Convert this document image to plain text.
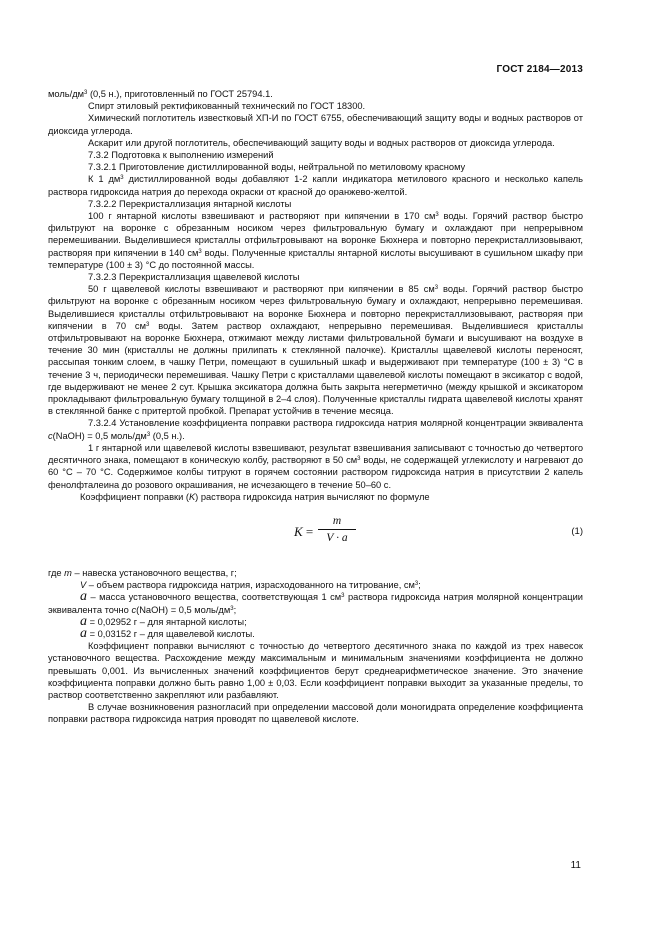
ГОСТ 2184—2013

моль/$дм^3$ (0,5 н.), приготовленный по ГОСТ 25794.1.

Спирт этиловый ректификованный технический по ГОСТ 18300.

Химический поглотитель известковый ХП-И по ГОСТ 6755, обеспечивающий защиту воды и водных растворов от диоксида углерода.

Аскарит или другой поглотитель, обеспечивающий защиту воды и водных растворов от диоксида углерода.

7.3.2 Подготовка к выполнению измерений

7.3.2.1 Приготовление дистиллированной воды, нейтральной по метиловому красному

К 1 $дм^3$ дистиллированной воды добавляют 1-2 капли индикатора метилового красного и несколько капель раствора гидроксида натрия до перехода окраски от красной до оранжево-желтой.

7.3.2.2 Перекристаллизация янтарной кислоты

100 г янтарной кислоты взвешивают и растворяют при кипячении в 170 $см^3$ воды. Горячий раствор быстро фильтруют на воронке с обрезанным носиком через фильтровальную бумагу и охлаждают при непрерывном перемешивании. Выделившиеся кристаллы отфильтровывают на воронке Бюхнера и повторно перекристаллизовывают, растворяя при кипячении в 140 $см^3$ воды. Полученные кристаллы янтарной кислоты высушивают в сушильном шкафу при температуре (100 ± 3) °С до постоянной массы.

7.3.2.3 Перекристаллизация щавелевой кислоты

50 г щавелевой кислоты взвешивают и растворяют при кипячении в 85 $см^3$ воды. Горячий раствор быстро фильтруют на воронке с обрезанным носиком через фильтровальную бумагу и охлаждают, непрерывно перемешивая. Выделившиеся кристаллы отфильтровывают на воронке Бюхнера и повторно перекристаллизовывают, растворяя при кипячении в 70 $см^3$ воды. Затем раствор охлаждают, непрерывно перемешивая. Выделившиеся кристаллы отфильтровывают на воронке Бюхнера, отжимают между листами фильтровальной бумаги и высушивают на воздухе в течение 30 мин (кристаллы не должны прилипать к стеклянной палочке). Кристаллы щавелевой кислоты переносят, рассыпая тонким слоем, в чашку Петри, помещают в сушильный шкаф и выдерживают при температуре (100 ± 3) °С в течение 3 ч, периодически перемешивая. Чашку Петри с кристаллами щавелевой кислоты помещают в эксикатор с водой, где выдерживают не менее 2 сут. Крышка эксикатора должна быть закрыта негерметично (между крышкой и эксикатором прокладывают фильтровальную бумагу толщиной в 2–4 слоя). Полученные кристаллы гидрата щавелевой кислоты хранят в стеклянной банке с притертой пробкой. Препарат устойчив в течение месяца.

7.3.2.4 Установление коэффициента поправки раствора гидроксида натрия молярной концентрации эквивалента c(NaOH) = 0,5 моль/$дм^3$ (0,5 н.).

1 г янтарной или щавелевой кислоты взвешивают, результат взвешивания записывают с точностью до четвертого десятичного знака, помещают в коническую колбу, растворяют в 50 $см^3$ воды, не содержащей углекислоту и нагревают до 60 °С – 70 °С. Содержимое колбы титруют в горячем состоянии раствором гидроксида натрия в присутствии 2 капель фенолфталеина до розового окрашивания, не исчезающего в течение 50–60 с.

Коэффициент поправки (K) раствора гидроксида натрия вычисляют по формуле

$K = \frac{m}{V \cdot a}$	(1)

где m – навеска установочного вещества, г;

V – объем раствора гидроксида натрия, израсходованного на титрование, $см^3$;

a – масса установочного вещества, соответствующая 1 $см^3$ раствора гидроксида натрия молярной концентрации эквивалента точно c(NaOH) = 0,5 моль/$дм^3$;

a = 0,02952 г – для янтарной кислоты;

a = 0,03152 г – для щавелевой кислоты.

Коэффициент поправки вычисляют с точностью до четвертого десятичного знака по каждой из трех навесок установочного вещества. Расхождение между максимальным и минимальным значениями коэффициента не должно превышать 0,001. Из вычисленных значений коэффициентов берут среднеарифметическое значение. Это значение коэффициента поправки должно быть равно 1,00 ± 0,03. Если коэффициент поправки выходит за указанные пределы, то раствор соответственно закрепляют или разбавляют.

В случае возникновения разногласий при определении массовой доли моногидрата определение коэффициента поправки раствора гидроксида натрия проводят по щавелевой кислоте.

11
